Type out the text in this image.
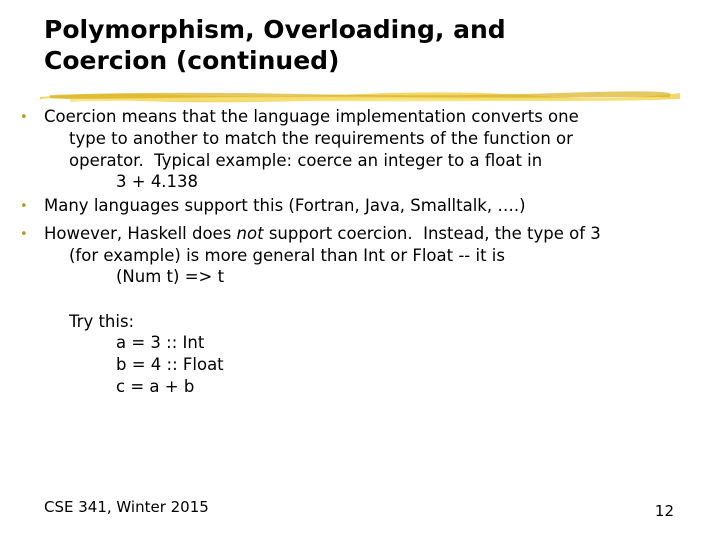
Polymorphism, Overloading, and
Coercion (continued)
• Coercion means that the language implementation converts one
type to another to match the requirements of the function or
operator.  Typical example: coerce an integer to a float in
3 + 4.138
• Many languages support this (Fortran, Java, Smalltalk, ….)
• However, Haskell does not support coercion.  Instead, the type of 3
(for example) is more general than Int or Float -- it is
(Num t) => t
Try this:
a = 3 :: Int
b = 4 :: Float
c = a + b
CSE 341, Winter 2015	12
